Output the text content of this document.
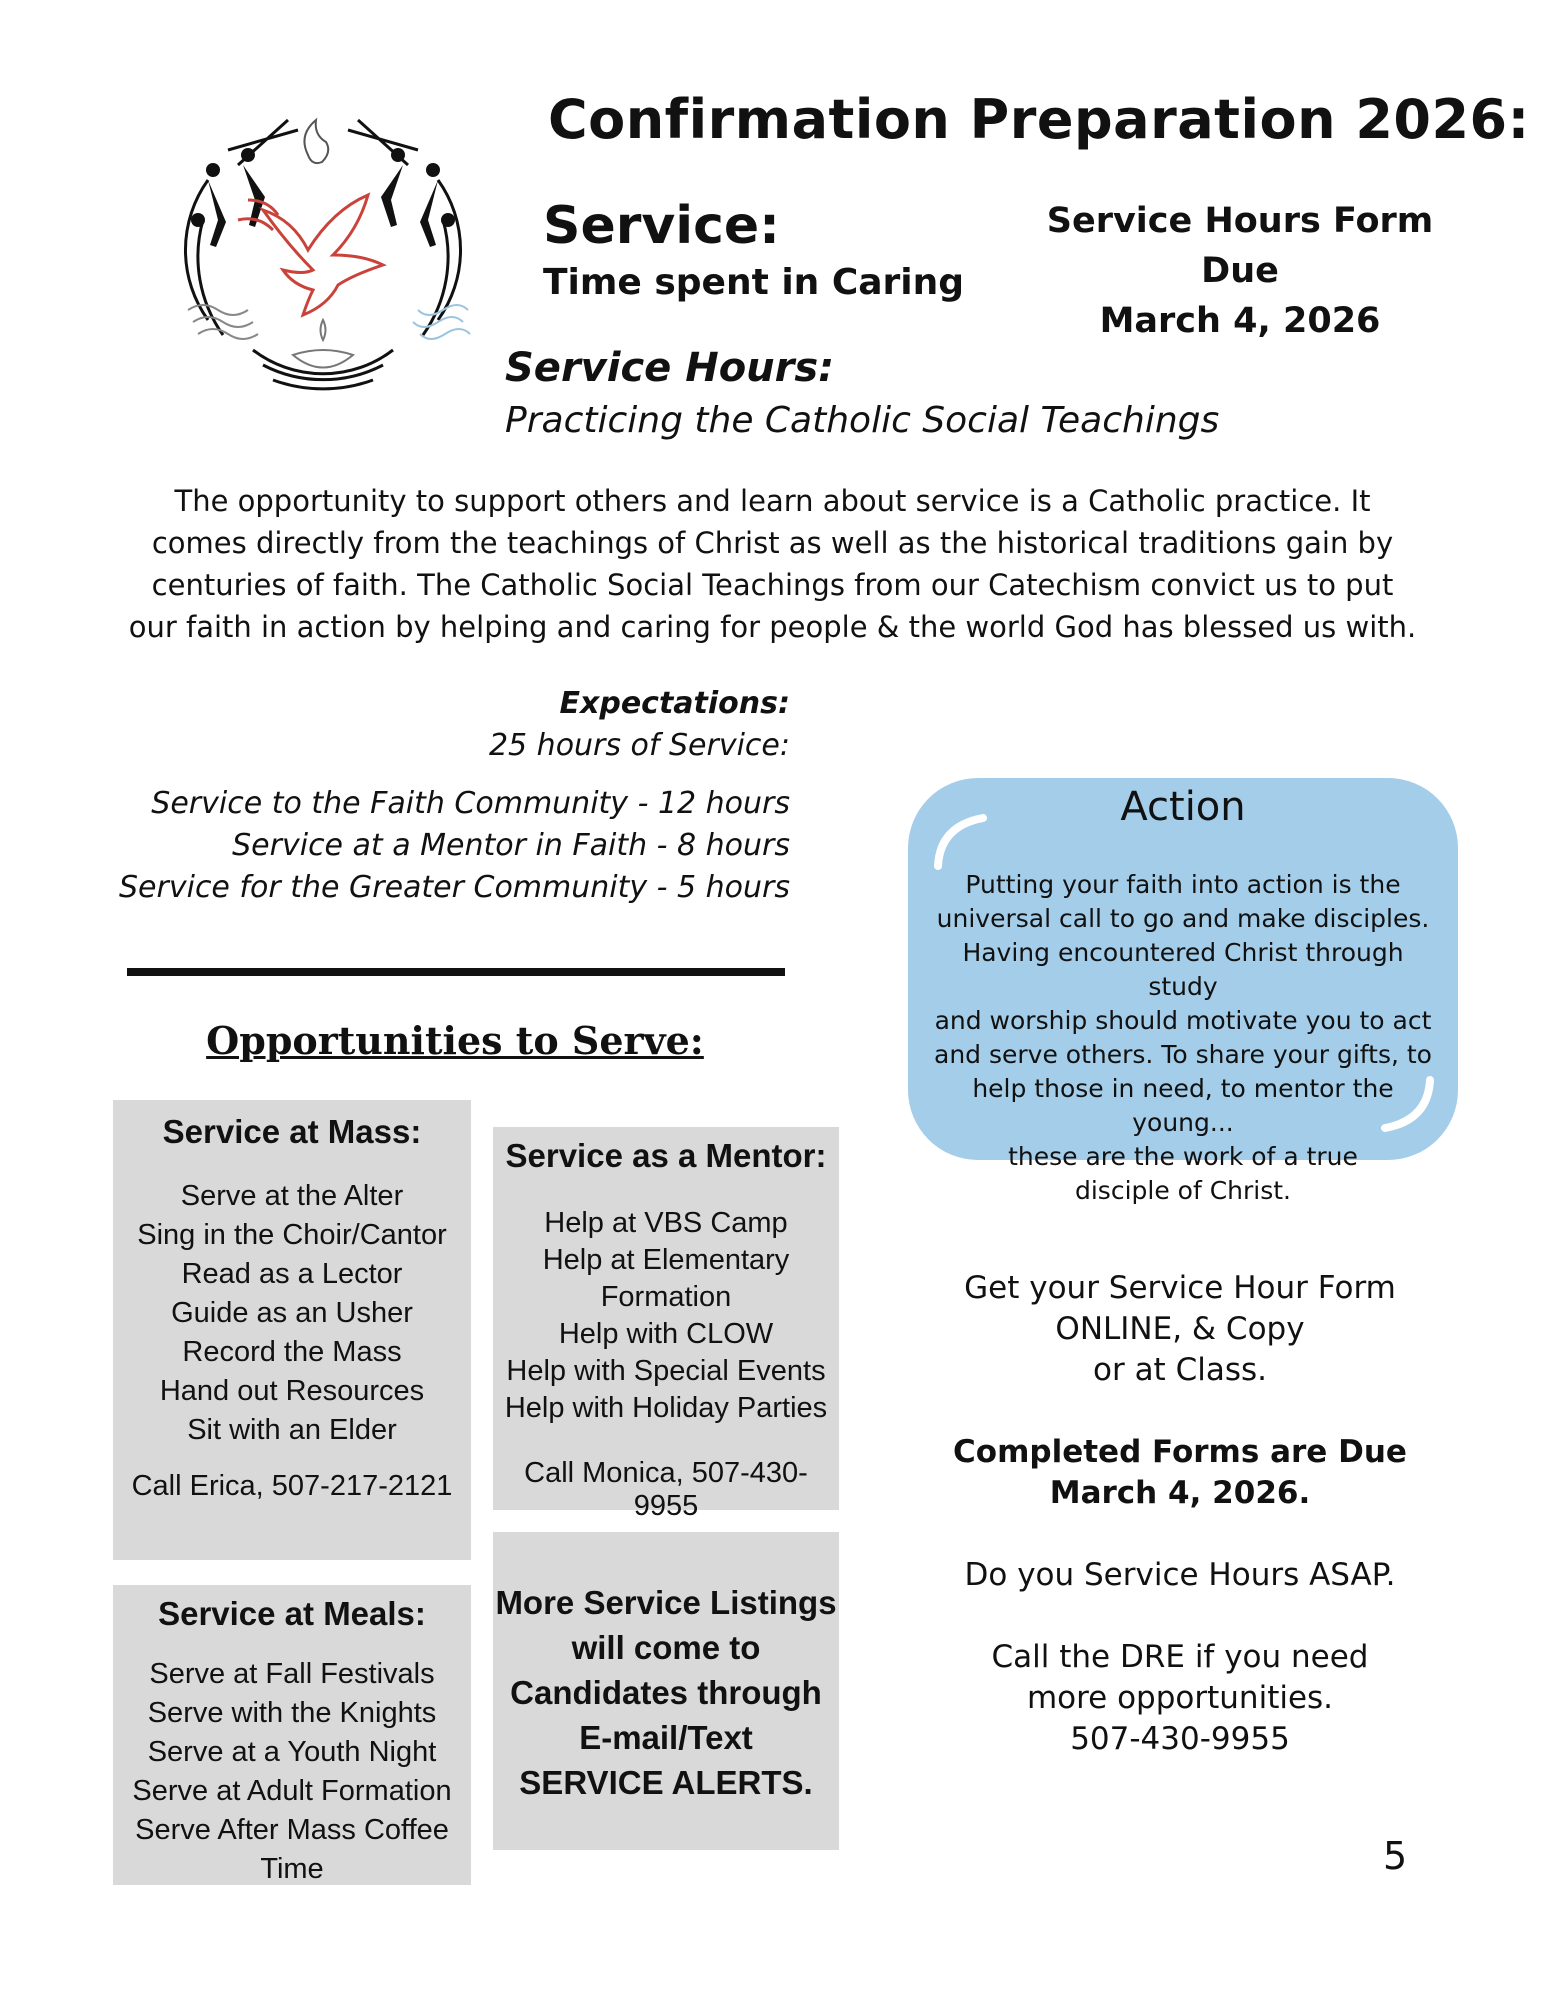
Confirmation Preparation 2026:
Service:
Time spent in Caring
Service Hours Form Due
March 4, 2026
Service Hours:
Practicing the Catholic Social Teachings
The opportunity to support others and learn about service is a Catholic practice. It
comes directly from the teachings of Christ as well as the historical traditions gain by
centuries of faith. The Catholic Social Teachings from our Catechism convict us to put
our faith in action by helping and caring for people & the world God has blessed us with.
Expectations:
25 hours of Service:
Service to the Faith Community - 12 hours
Service at a Mentor in Faith - 8 hours
Service for the Greater Community - 5 hours
Opportunities to Serve:
Service at Mass:
Serve at the Alter
Sing in the Choir/Cantor
Read as a Lector
Guide as an Usher
Record the Mass
Hand out Resources
Sit with an Elder
Call Erica, 507-217-2121
Service as a Mentor:
Help at VBS Camp
Help at Elementary Formation
Help with CLOW
Help with Special Events
Help with Holiday Parties
Call Monica, 507-430-9955
Service at Meals:
Serve at Fall Festivals
Serve with the Knights
Serve at a Youth Night
Serve at Adult Formation
Serve After Mass Coffee Time
More Service Listings
will come to
Candidates through
E-mail/Text
SERVICE ALERTS.
Action
Putting your faith into action is the
universal call to go and make disciples.
Having encountered Christ through study
and worship should motivate you to act
and serve others. To share your gifts, to
help those in need, to mentor the young...
these are the work of a true
disciple of Christ.

Get your Service Hour Form
ONLINE, & Copy
or at Class.

Completed Forms are Due
March 4, 2026.

Do you Service Hours ASAP.

Call the DRE if you need
more opportunities.
507-430-9955

5
